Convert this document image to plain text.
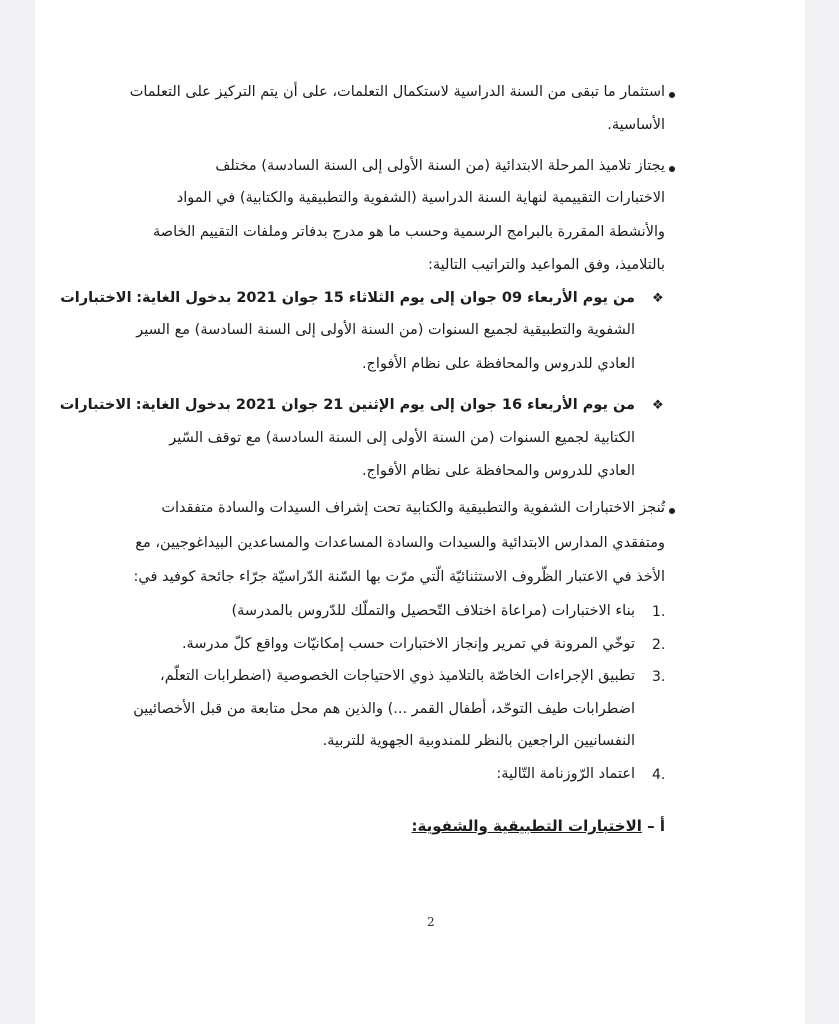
استثمار ما تبقى من السنة الدراسية لاستكمال التعلمات، على أن يتم التركيز على التعلمات
الأساسية.
يجتاز تلاميذ المرحلة الابتدائية (من السنة الأولى إلى السنة السادسة) مختلف
الاختبارات التقييمية لنهاية السنة الدراسية (الشفوية والتطبيقية والكتابية) في المواد
والأنشطة المقررة بالبرامج الرسمية وحسب ما هو مدرج بدفاتر وملفات التقييم الخاصة
بالتلاميذ، وفق المواعيد والتراتيب التالية:
❖
من يوم الأربعاء 09 جوان إلى يوم الثلاثاء 15 جوان 2021 بدخول الغاية: الاختبارات
الشفوية والتطبيقية لجميع السنوات (من السنة الأولى إلى السنة السادسة) مع السير
العادي للدروس والمحافظة على نظام الأفواج.
❖
من يوم الأربعاء 16 جوان إلى يوم الإثنين 21 جوان 2021 بدخول الغاية: الاختبارات
الكتابية لجميع السنوات (من السنة الأولى إلى السنة السادسة) مع توقف السّير
العادي للدروس والمحافظة على نظام الأفواج.
تُنجز الاختبارات الشفوية والتطبيقية والكتابية تحت إشراف السيدات والسادة متفقدات
ومتفقدي المدارس الابتدائية والسيدات والسادة المساعدات والمساعدين البيداغوجيين، مع
الأخذ في الاعتبار الظّروف الاستثنائيّة الّتي مرّت بها السّنة الدّراسيّة جرّاء جائحة كوفيد في:
1.
بناء الاختبارات (مراعاة اختلاف التّحصيل والتملّك للدّروس بالمدرسة)
2.
توخّي المرونة في تمرير وإنجاز الاختبارات حسب إمكانيّات وواقع كلّ مدرسة.
3.
تطبيق الإجراءات الخاصّة بالتلاميذ ذوي الاحتياجات الخصوصية (اضطرابات التعلّم،
اضطرابات طيف التوحّد، أطفال القمر ...) والذين هم محل متابعة من قبل الأخصائيين
النفسانيين الراجعين بالنظر للمندوبية الجهوية للتربية.
4.
اعتماد الرّوزنامة التّالية:
أ – الاختبارات التطبيقية والشفوية:
2
